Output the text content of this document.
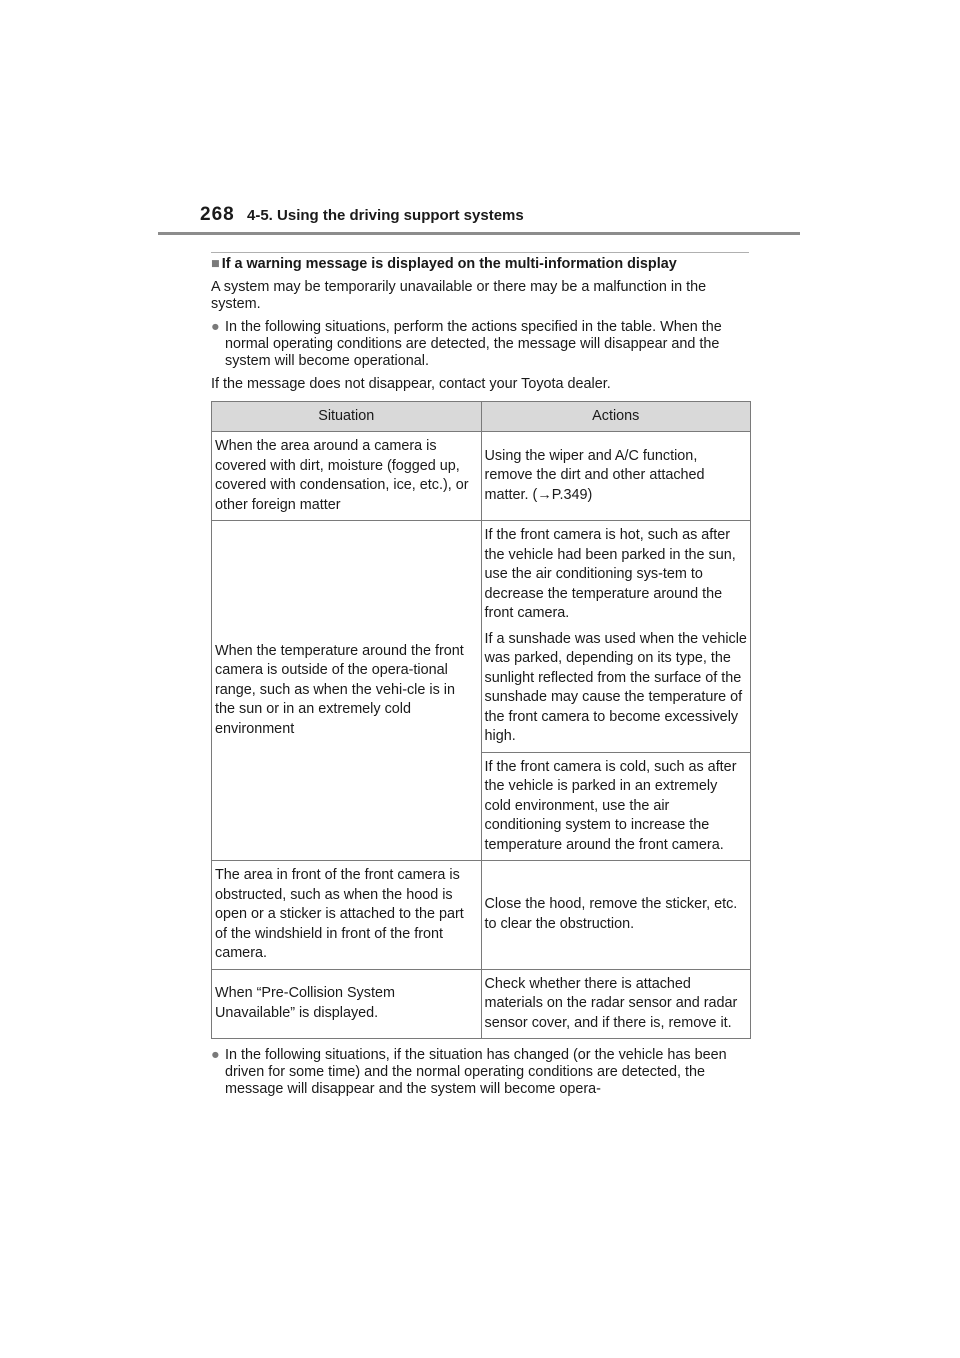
268 4-5. Using the driving support systems
■ If a warning message is displayed on the multi-information display

A system may be temporarily unavailable or there may be a malfunction in the system.

● In the following situations, perform the actions specified in the table. When the normal operating conditions are detected, the message will disappear and the system will become operational.

If the message does not disappear, contact your Toyota dealer.

Situation	Actions
When the area around a camera is covered with dirt, moisture (fogged up, covered with condensation, ice, etc.), or other foreign matter	Using the wiper and A/C function, remove the dirt and other attached matter. (→P.349)
When the temperature around the front camera is outside of the opera-tional range, such as when the vehi-cle is in the sun or in an extremely cold environment	If the front camera is hot, such as after the vehicle had been parked in the sun, use the air conditioning sys-tem to decrease the temperature around the front camera.

If a sunshade was used when the vehicle was parked, depending on its type, the sunlight reflected from the surface of the sunshade may cause the temperature of the front camera to become excessively high.

	If the front camera is cold, such as after the vehicle is parked in an extremely cold environment, use the air conditioning system to increase the temperature around the front camera.
The area in front of the front camera is obstructed, such as when the hood is open or a sticker is attached to the part of the windshield in front of the front camera.	Close the hood, remove the sticker, etc. to clear the obstruction.
When “Pre-Collision System Unavailable” is displayed.	Check whether there is attached materials on the radar sensor and radar sensor cover, and if there is, remove it.
● In the following situations, if the situation has changed (or the vehicle has been driven for some time) and the normal operating conditions are detected, the message will disappear and the system will become opera-
